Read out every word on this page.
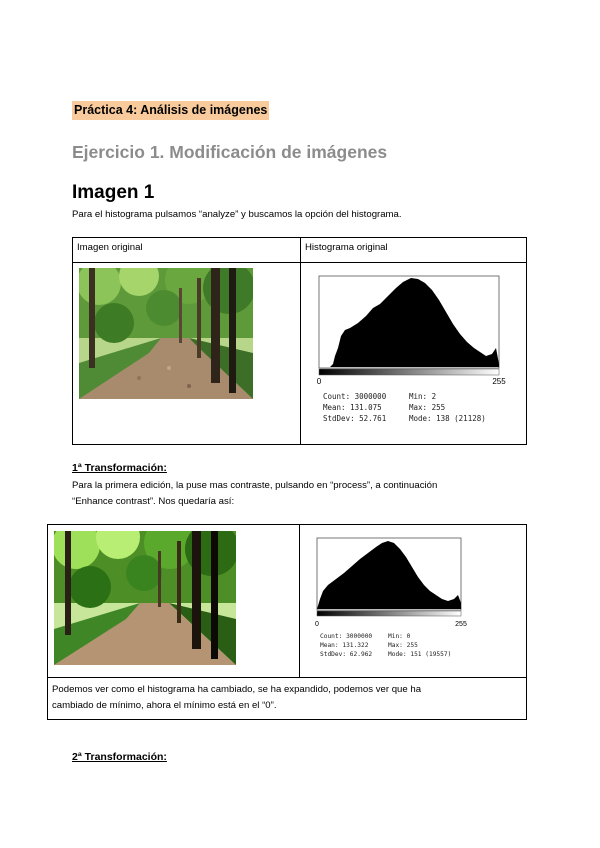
Práctica 4: Análisis de imágenes
Ejercicio 1. Modificación de imágenes
Imagen 1
Para el histograma pulsamos “analyze” y buscamos la opción del histograma.
Imagen original	Histograma original

0	255
Count: 3000000
Mean: 131.075
StdDev: 52.761
Min: 2
Max: 255
Mode: 138 (21128)
1ª Transformación:
Para la primera edición, la puse mas contraste, pulsando en “process”, a continuación
“Enhance contrast”. Nos quedaría así:

Podemos ver como el histograma ha cambiado, se ha expandido, podemos ver que ha
cambiado de mínimo, ahora el mínimo está en el “0”.
0	255
Count: 3000000
Mean: 131.322
StdDev: 62.962
Min: 0
Max: 255
Mode: 151 (19557)
2ª Transformación:
